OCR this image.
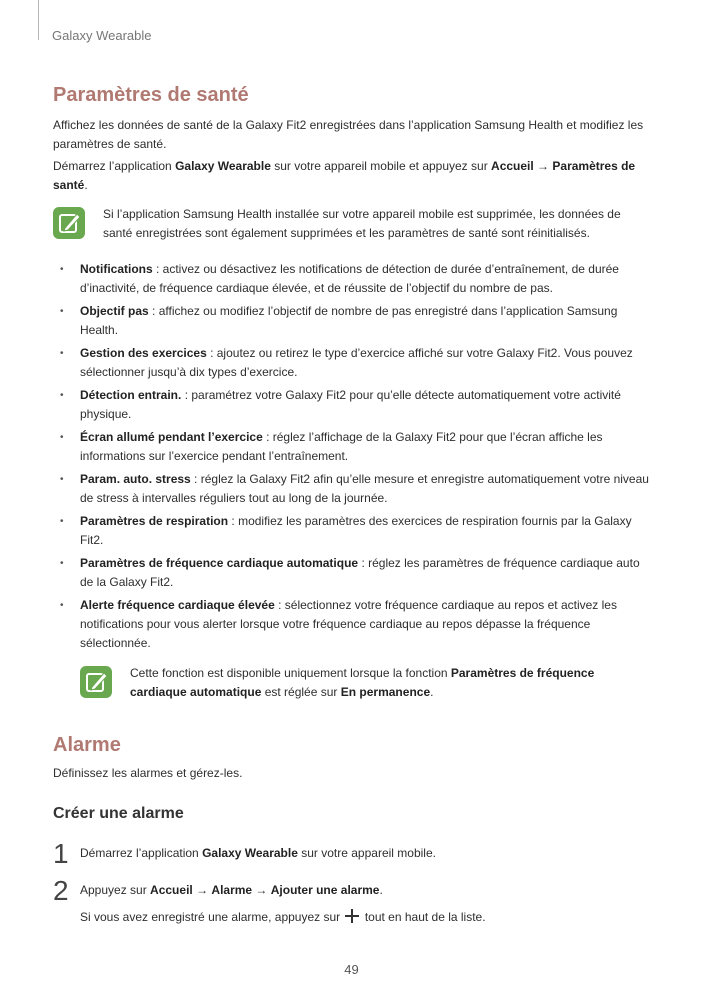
Galaxy Wearable
Paramètres de santé
Affichez les données de santé de la Galaxy Fit2 enregistrées dans l’application Samsung Health et modifiez les paramètres de santé.
Démarrez l’application Galaxy Wearable sur votre appareil mobile et appuyez sur Accueil → Paramètres de santé.
Si l’application Samsung Health installée sur votre appareil mobile est supprimée, les données de santé enregistrées sont également supprimées et les paramètres de santé sont réinitialisés.
• Notifications : activez ou désactivez les notifications de détection de durée d’entraînement, de durée d’inactivité, de fréquence cardiaque élevée, et de réussite de l’objectif du nombre de pas.
• Objectif pas : affichez ou modifiez l’objectif de nombre de pas enregistré dans l’application Samsung Health.
• Gestion des exercices : ajoutez ou retirez le type d’exercice affiché sur votre Galaxy Fit2. Vous pouvez sélectionner jusqu’à dix types d’exercice.
• Détection entrain. : paramétrez votre Galaxy Fit2 pour qu’elle détecte automatiquement votre activité physique.
• Écran allumé pendant l’exercice : réglez l’affichage de la Galaxy Fit2 pour que l’écran affiche les informations sur l’exercice pendant l’entraînement.
• Param. auto. stress : réglez la Galaxy Fit2 afin qu’elle mesure et enregistre automatiquement votre niveau de stress à intervalles réguliers tout au long de la journée.
• Paramètres de respiration : modifiez les paramètres des exercices de respiration fournis par la Galaxy Fit2.
• Paramètres de fréquence cardiaque automatique : réglez les paramètres de fréquence cardiaque auto de la Galaxy Fit2.
• Alerte fréquence cardiaque élevée : sélectionnez votre fréquence cardiaque au repos et activez les notifications pour vous alerter lorsque votre fréquence cardiaque au repos dépasse la fréquence sélectionnée.
Cette fonction est disponible uniquement lorsque la fonction Paramètres de fréquence cardiaque automatique est réglée sur En permanence.
Alarme
Définissez les alarmes et gérez-les.
Créer une alarme
1 Démarrez l’application Galaxy Wearable sur votre appareil mobile.
2 Appuyez sur Accueil → Alarme → Ajouter une alarme.
Si vous avez enregistré une alarme, appuyez sur  tout en haut de la liste.
49
